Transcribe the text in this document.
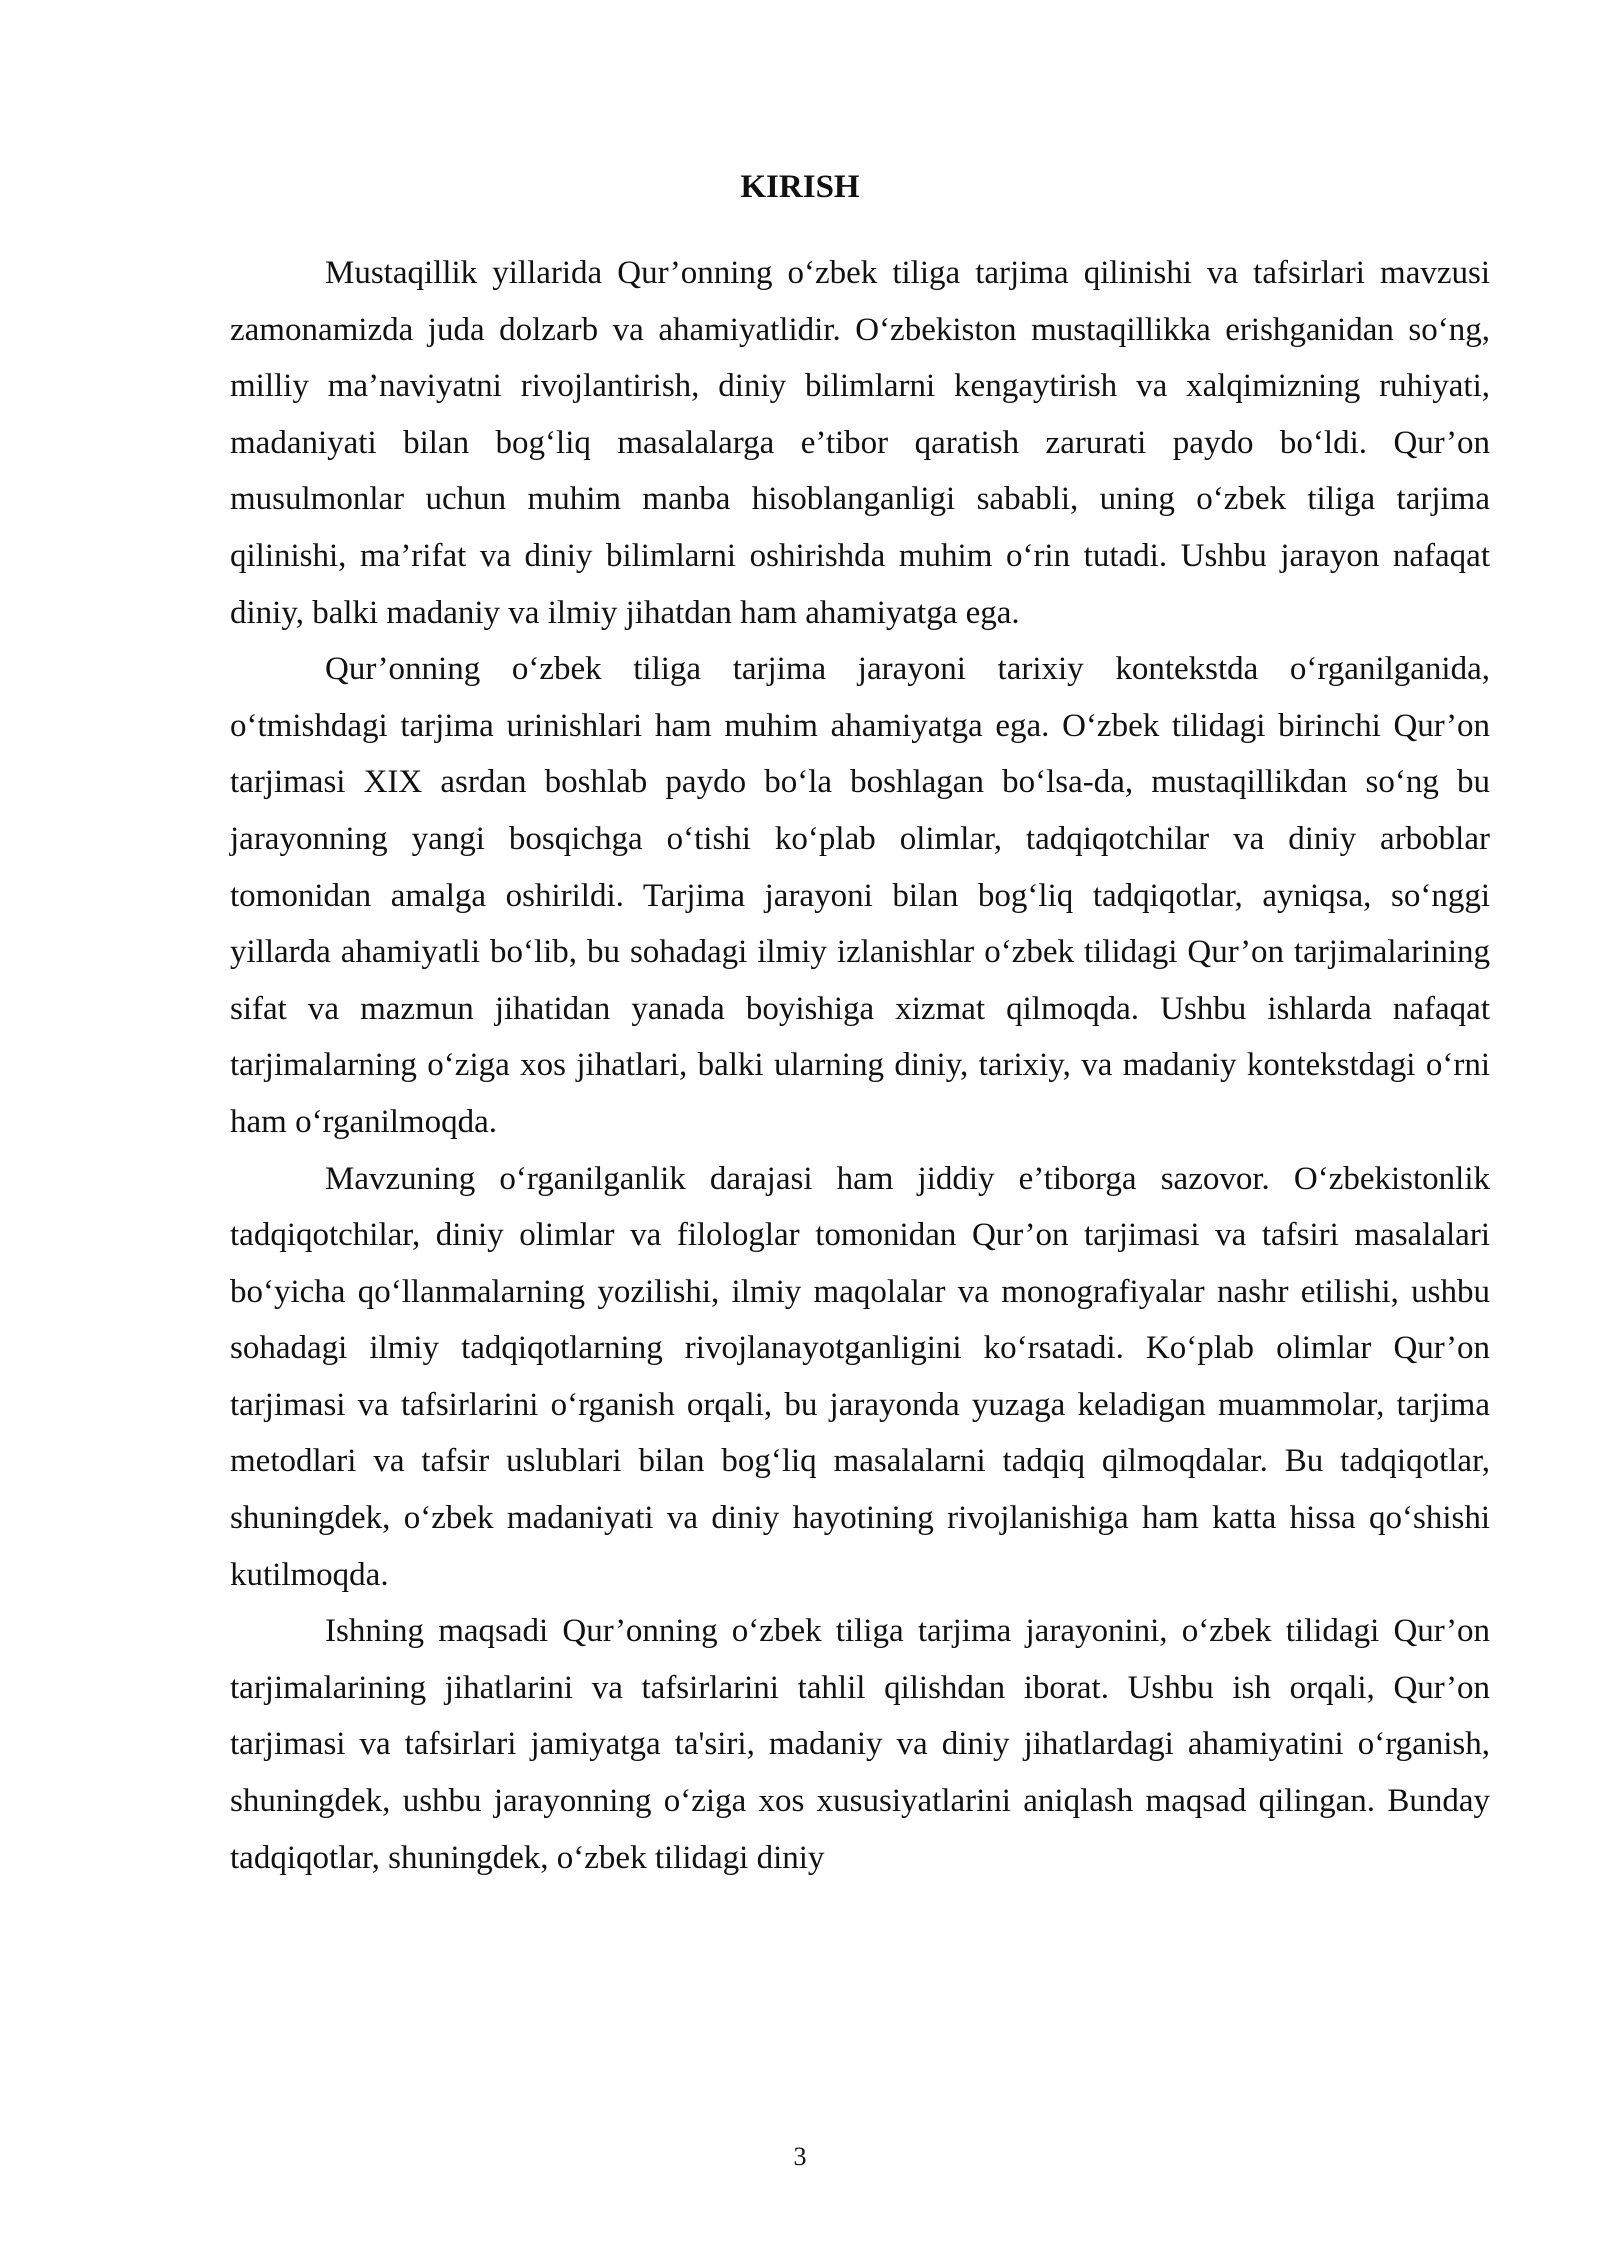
KIRISH

Mustaqillik yillarida Qur’onning o‘zbek tiliga tarjima qilinishi va tafsirlari mavzusi zamonamizda juda dolzarb va ahamiyatlidir. O‘zbekiston mustaqillikka erishganidan so‘ng, milliy ma’naviyatni rivojlantirish, diniy bilimlarni kengaytirish va xalqimizning ruhiyati, madaniyati bilan bog‘liq masalalarga e’tibor qaratish zarurati paydo bo‘ldi. Qur’on musulmonlar uchun muhim manba hisoblanganligi sababli, uning o‘zbek tiliga tarjima qilinishi, ma’rifat va diniy bilimlarni oshirishda muhim o‘rin tutadi. Ushbu jarayon nafaqat diniy, balki madaniy va ilmiy jihatdan ham ahamiyatga ega.

Qur’onning o‘zbek tiliga tarjima jarayoni tarixiy kontekstda o‘rganilganida, o‘tmishdagi tarjima urinishlari ham muhim ahamiyatga ega. O‘zbek tilidagi birinchi Qur’on tarjimasi XIX asrdan boshlab paydo bo‘la boshlagan bo‘lsa-da, mustaqillikdan so‘ng bu jarayonning yangi bosqichga o‘tishi ko‘plab olimlar, tadqiqotchilar va diniy arboblar tomonidan amalga oshirildi. Tarjima jarayoni bilan bog‘liq tadqiqotlar, ayniqsa, so‘nggi yillarda ahamiyatli bo‘lib, bu sohadagi ilmiy izlanishlar o‘zbek tilidagi Qur’on tarjimalarining sifat va mazmun jihatidan yanada boyishiga xizmat qilmoqda. Ushbu ishlarda nafaqat tarjimalarning o‘ziga xos jihatlari, balki ularning diniy, tarixiy, va madaniy kontekstdagi o‘rni ham o‘rganilmoqda.

Mavzuning o‘rganilganlik darajasi ham jiddiy e’tiborga sazovor. O‘zbekistonlik tadqiqotchilar, diniy olimlar va filologlar tomonidan Qur’on tarjimasi va tafsiri masalalari bo‘yicha qo‘llanmalarning yozilishi, ilmiy maqolalar va monografiyalar nashr etilishi, ushbu sohadagi ilmiy tadqiqotlarning rivojlanayotganligini ko‘rsatadi. Ko‘plab olimlar Qur’on tarjimasi va tafsirlarini o‘rganish orqali, bu jarayonda yuzaga keladigan muammolar, tarjima metodlari va tafsir uslublari bilan bog‘liq masalalarni tadqiq qilmoqdalar. Bu tadqiqotlar, shuningdek, o‘zbek madaniyati va diniy hayotining rivojlanishiga ham katta hissa qo‘shishi kutilmoqda.

Ishning maqsadi Qur’onning o‘zbek tiliga tarjima jarayonini, o‘zbek tilidagi Qur’on tarjimalarining jihatlarini va tafsirlarini tahlil qilishdan iborat. Ushbu ish orqali, Qur’on tarjimasi va tafsirlari jamiyatga ta'siri, madaniy va diniy jihatlardagi ahamiyatini o‘rganish, shuningdek, ushbu jarayonning o‘ziga xos xususiyatlarini aniqlash maqsad qilingan. Bunday tadqiqotlar, shuningdek, o‘zbek tilidagi diniy

3
